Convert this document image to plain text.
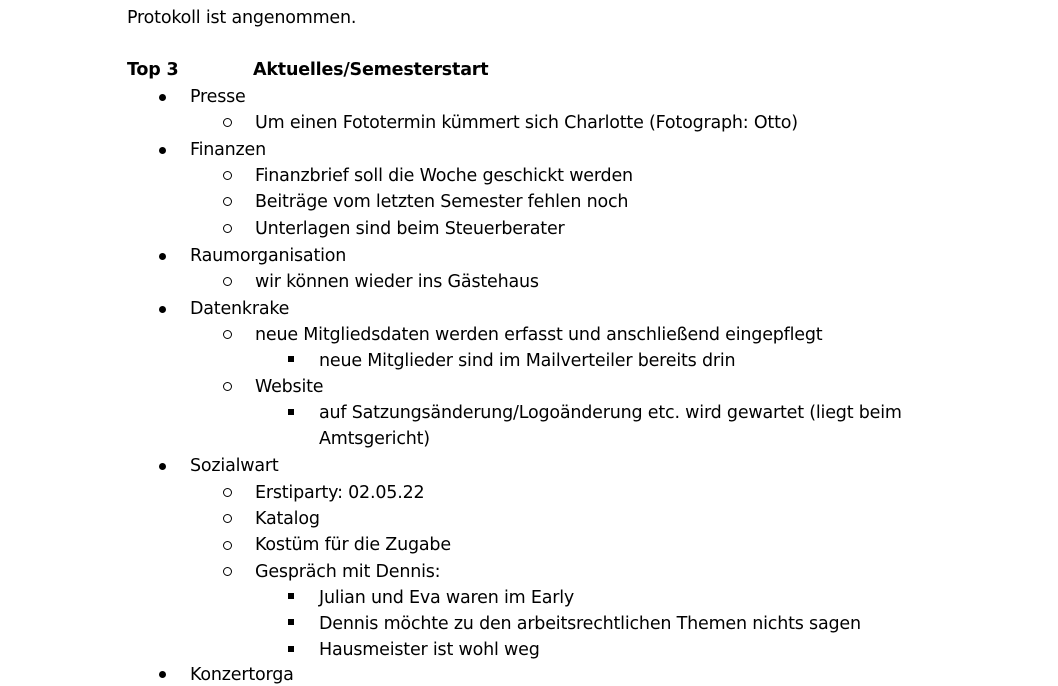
Protokoll ist angenommen.
Top 3	Aktuelles/Semesterstart
Presse
Um einen Fototermin kümmert sich Charlotte (Fotograph: Otto)
Finanzen
Finanzbrief soll die Woche geschickt werden
Beiträge vom letzten Semester fehlen noch
Unterlagen sind beim Steuerberater
Raumorganisation
wir können wieder ins Gästehaus
Datenkrake
neue Mitgliedsdaten werden erfasst und anschließend eingepflegt
neue Mitglieder sind im Mailverteiler bereits drin
Website
auf Satzungsänderung/Logoänderung etc. wird gewartet (liegt beim
Amtsgericht)
Sozialwart
Erstiparty: 02.05.22
Katalog
Kostüm für die Zugabe
Gespräch mit Dennis:
Julian und Eva waren im Early
Dennis möchte zu den arbeitsrechtlichen Themen nichts sagen
Hausmeister ist wohl weg
Konzertorga
